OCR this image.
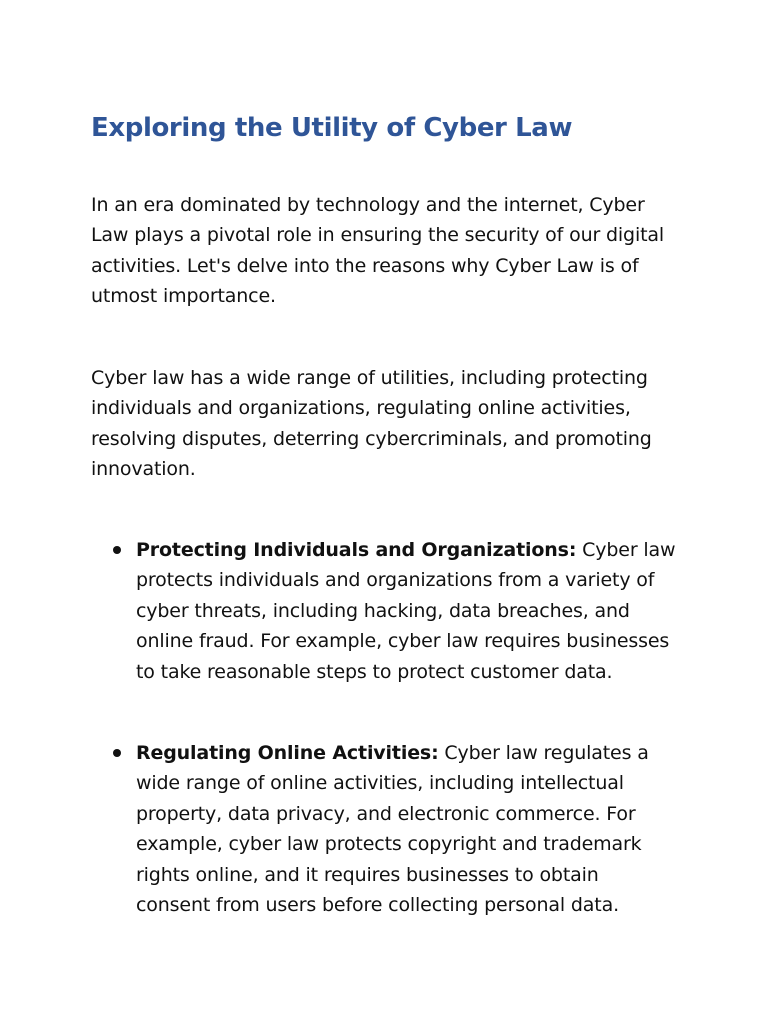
Exploring the Utility of Cyber Law

In an era dominated by technology and the internet, Cyber Law plays a pivotal role in ensuring the security of our digital activities. Let's delve into the reasons why Cyber Law is of utmost importance.

Cyber law has a wide range of utilities, including protecting individuals and organizations, regulating online activities, resolving disputes, deterring cybercriminals, and promoting innovation.

Protecting Individuals and Organizations: Cyber law protects individuals and organizations from a variety of cyber threats, including hacking, data breaches, and online fraud. For example, cyber law requires businesses to take reasonable steps to protect customer data.
Regulating Online Activities: Cyber law regulates a wide range of online activities, including intellectual property, data privacy, and electronic commerce. For example, cyber law protects copyright and trademark rights online, and it requires businesses to obtain consent from users before collecting personal data.
